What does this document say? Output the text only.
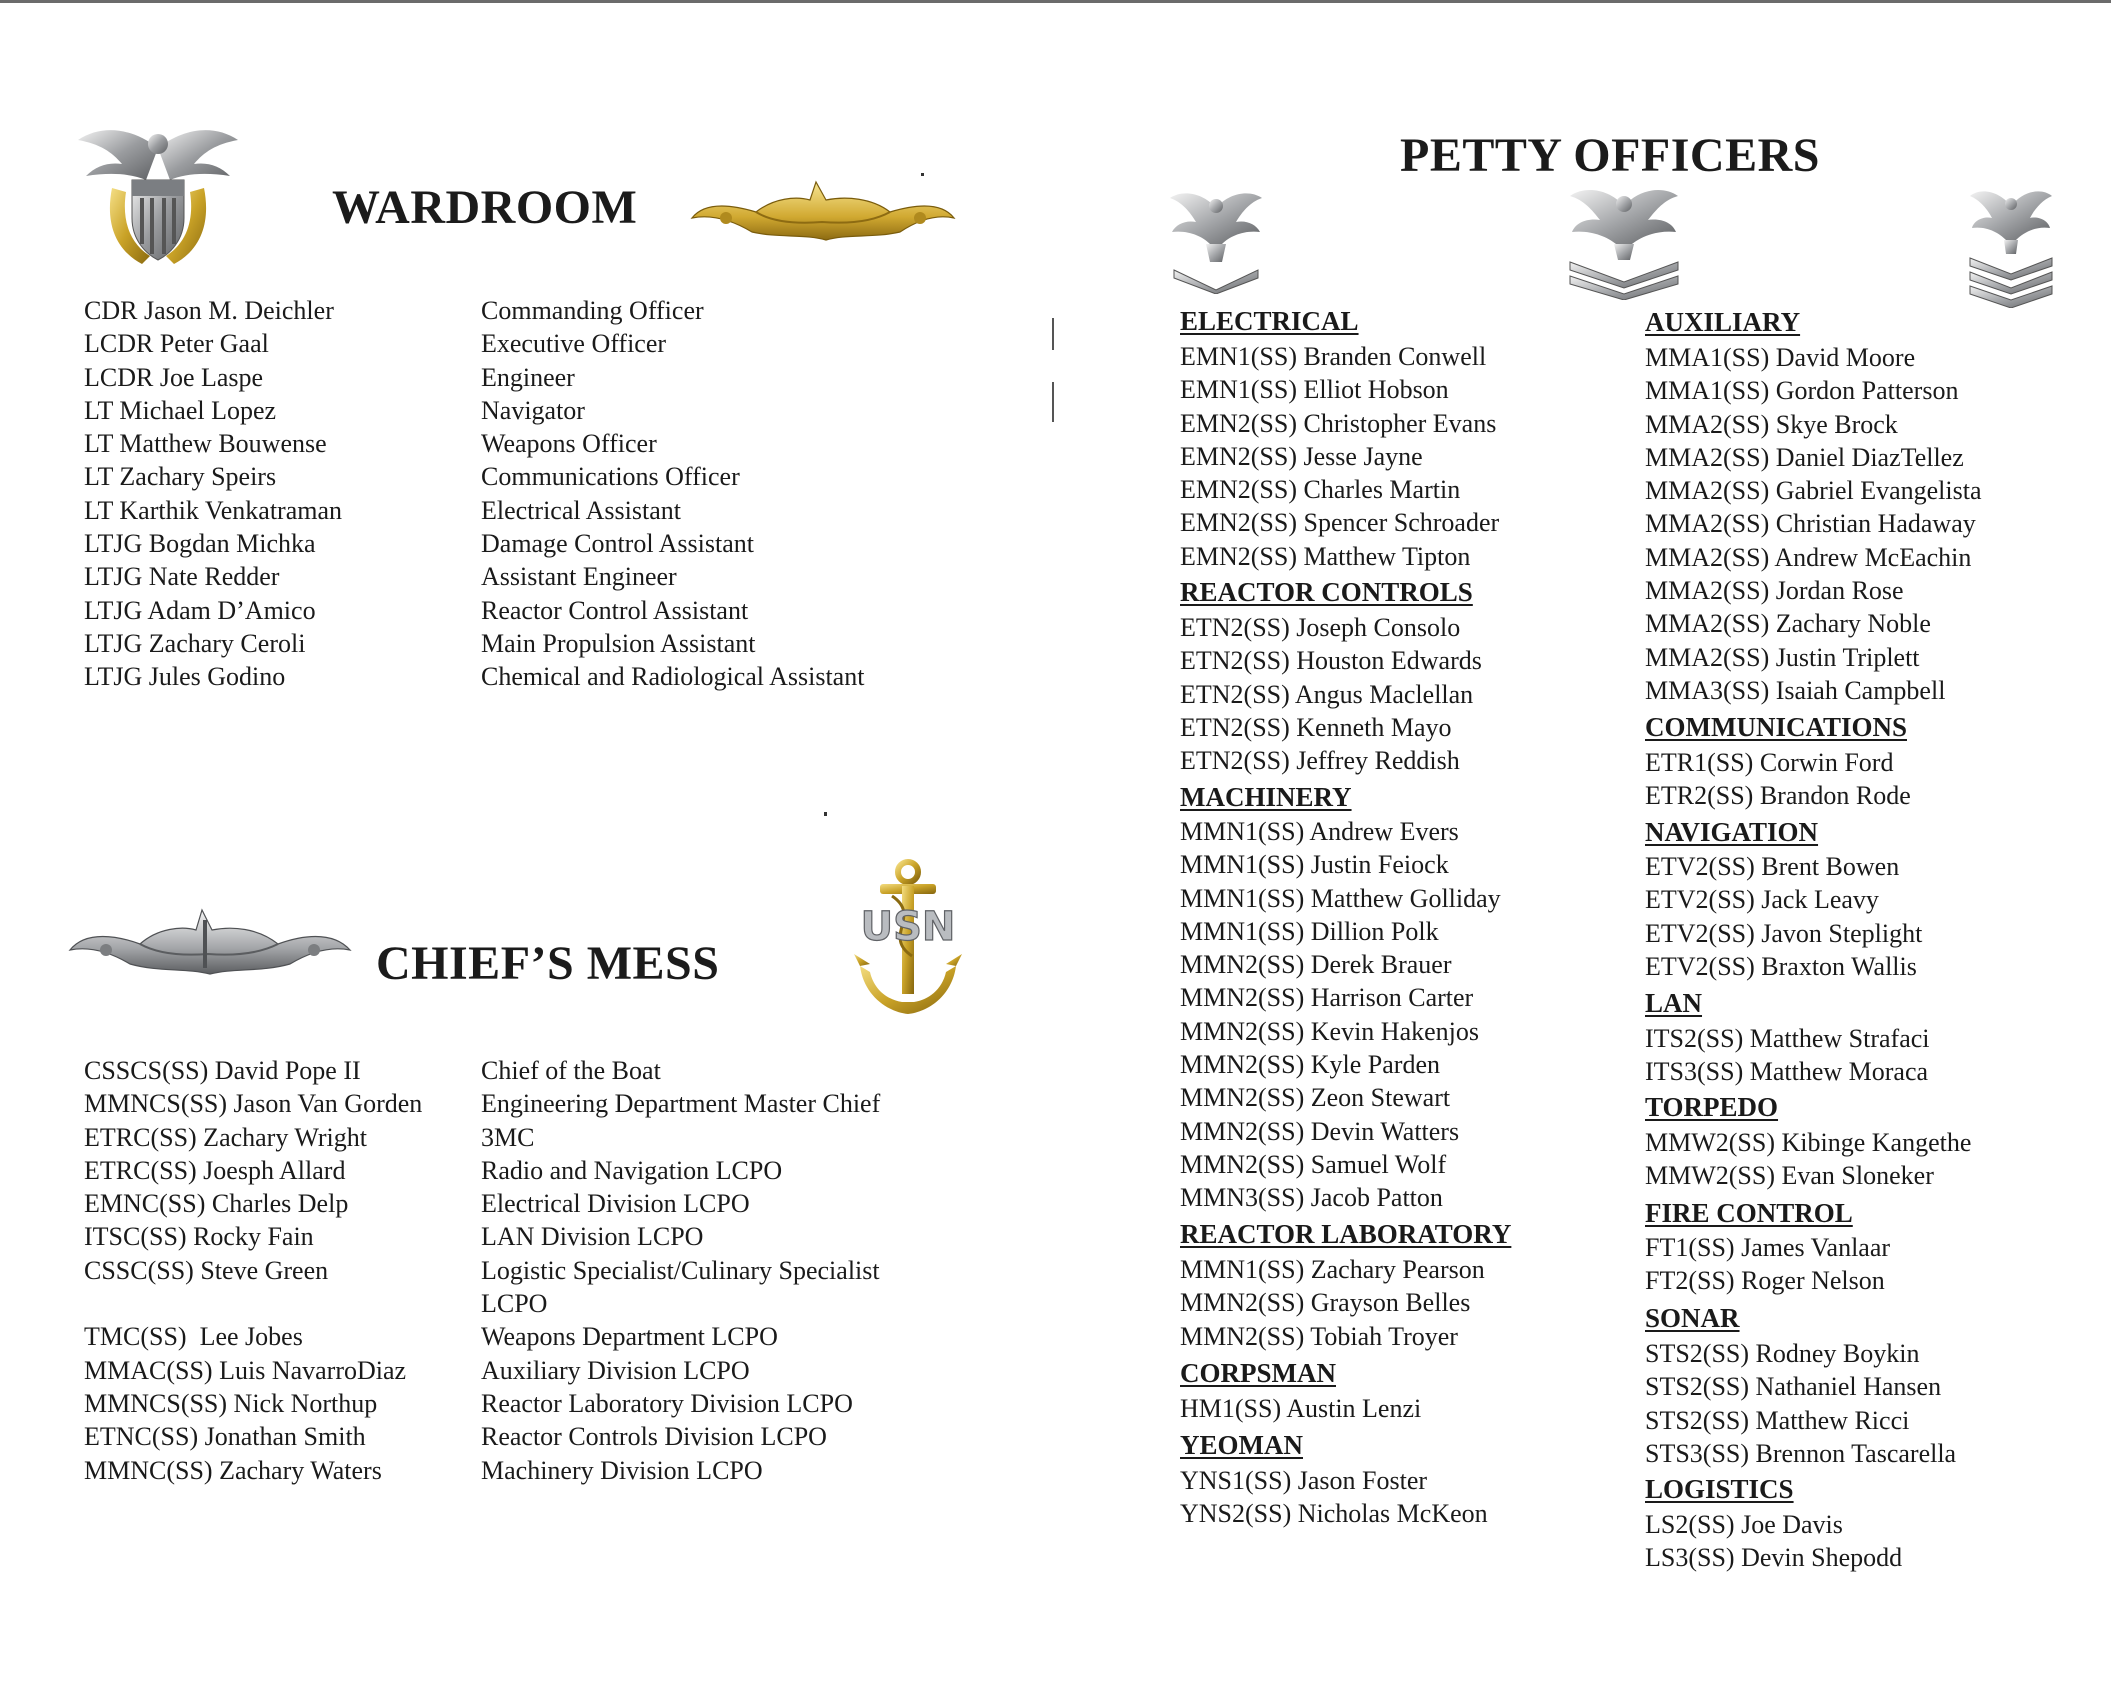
WARDROOM
CDR Jason M. Deichler
LCDR Peter Gaal
LCDR Joe Laspe
LT Michael Lopez
LT Matthew Bouwense
LT Zachary Speirs
LT Karthik Venkatraman
LTJG Bogdan Michka
LTJG Nate Redder
LTJG Adam D’Amico
LTJG Zachary Ceroli
LTJG Jules Godino
Commanding Officer
Executive Officer
Engineer
Navigator
Weapons Officer
Communications Officer
Electrical Assistant
Damage Control Assistant
Assistant Engineer
Reactor Control Assistant
Main Propulsion Assistant
Chemical and Radiological Assistant
CHIEF’S MESS
USN
CSSCS(SS) David Pope II
MMNCS(SS) Jason Van Gorden
ETRC(SS) Zachary Wright
ETRC(SS) Joesph Allard
EMNC(SS) Charles Delp
ITSC(SS) Rocky Fain
CSSC(SS) Steve Green
TMC(SS)  Lee Jobes
MMAC(SS) Luis NavarroDiaz
MMNCS(SS) Nick Northup
ETNC(SS) Jonathan Smith
MMNC(SS) Zachary Waters
Chief of the Boat
Engineering Department Master Chief
3MC
Radio and Navigation LCPO
Electrical Division LCPO
LAN Division LCPO
Logistic Specialist/Culinary Specialist
LCPO
Weapons Department LCPO
Auxiliary Division LCPO
Reactor Laboratory Division LCPO
Reactor Controls Division LCPO
Machinery Division LCPO
PETTY OFFICERS
ELECTRICAL
EMN1(SS) Branden Conwell
EMN1(SS) Elliot Hobson
EMN2(SS) Christopher Evans
EMN2(SS) Jesse Jayne
EMN2(SS) Charles Martin
EMN2(SS) Spencer Schroader
EMN2(SS) Matthew Tipton
REACTOR CONTROLS
ETN2(SS) Joseph Consolo
ETN2(SS) Houston Edwards
ETN2(SS) Angus Maclellan
ETN2(SS) Kenneth Mayo
ETN2(SS) Jeffrey Reddish
MACHINERY
MMN1(SS) Andrew Evers
MMN1(SS) Justin Feiock
MMN1(SS) Matthew Golliday
MMN1(SS) Dillion Polk
MMN2(SS) Derek Brauer
MMN2(SS) Harrison Carter
MMN2(SS) Kevin Hakenjos
MMN2(SS) Kyle Parden
MMN2(SS) Zeon Stewart
MMN2(SS) Devin Watters
MMN2(SS) Samuel Wolf
MMN3(SS) Jacob Patton
REACTOR LABORATORY
MMN1(SS) Zachary Pearson
MMN2(SS) Grayson Belles
MMN2(SS) Tobiah Troyer
CORPSMAN
HM1(SS) Austin Lenzi
YEOMAN
YNS1(SS) Jason Foster
YNS2(SS) Nicholas McKeon
AUXILIARY
MMA1(SS) David Moore
MMA1(SS) Gordon Patterson
MMA2(SS) Skye Brock
MMA2(SS) Daniel DiazTellez
MMA2(SS) Gabriel Evangelista
MMA2(SS) Christian Hadaway
MMA2(SS) Andrew McEachin
MMA2(SS) Jordan Rose
MMA2(SS) Zachary Noble
MMA2(SS) Justin Triplett
MMA3(SS) Isaiah Campbell
COMMUNICATIONS
ETR1(SS) Corwin Ford
ETR2(SS) Brandon Rode
NAVIGATION
ETV2(SS) Brent Bowen
ETV2(SS) Jack Leavy
ETV2(SS) Javon Steplight
ETV2(SS) Braxton Wallis
LAN
ITS2(SS) Matthew Strafaci
ITS3(SS) Matthew Moraca
TORPEDO
MMW2(SS) Kibinge Kangethe
MMW2(SS) Evan Sloneker
FIRE CONTROL
FT1(SS) James Vanlaar
FT2(SS) Roger Nelson
SONAR
STS2(SS) Rodney Boykin
STS2(SS) Nathaniel Hansen
STS2(SS) Matthew Ricci
STS3(SS) Brennon Tascarella
LOGISTICS
LS2(SS) Joe Davis
LS3(SS) Devin Shepodd
